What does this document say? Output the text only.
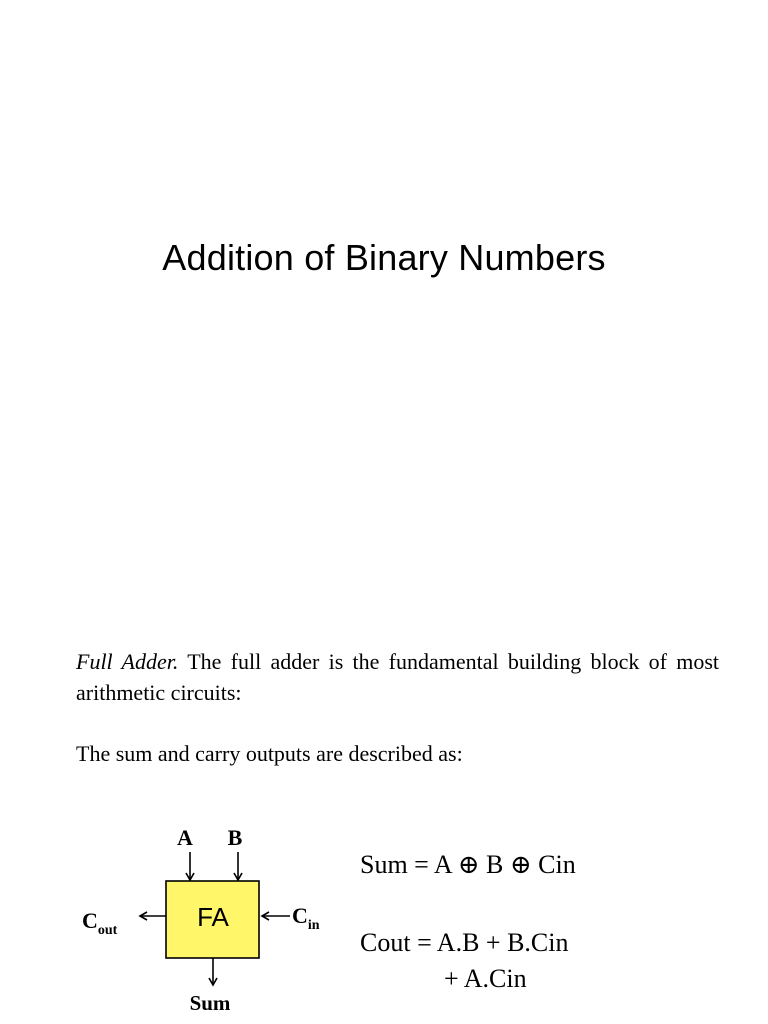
Addition of Binary Numbers

Full Adder. The full adder is the fundamental building block of most arithmetic circuits:

The sum and carry outputs are described as:

A B
FA
$C_{out}$
$C_{in}$
Sum
Sum = A ⊕ B ⊕ Cin
Cout = A.B + B.Cin
+ A.Cin
